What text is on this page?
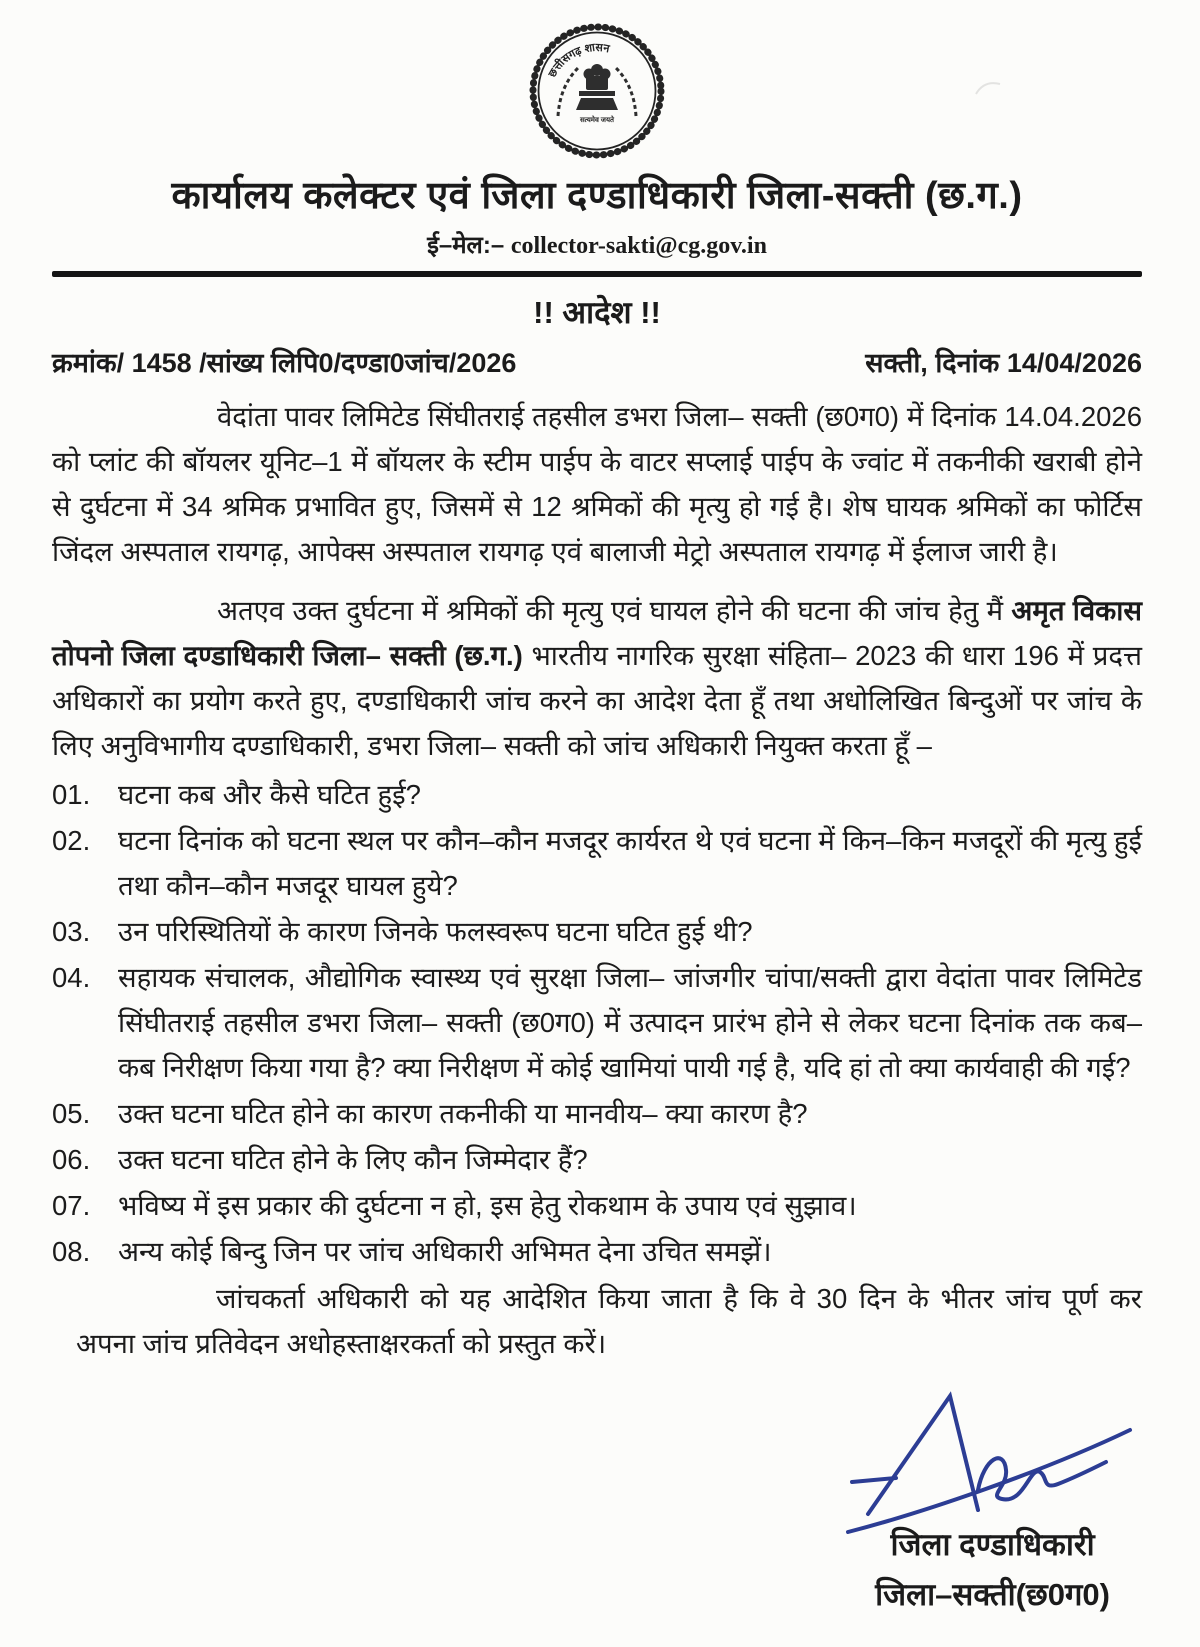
छत्तीसगढ़ शासन
सत्यमेव जयते
कार्यालय कलेक्टर एवं जिला दण्डाधिकारी जिला-सक्ती (छ.ग.)
ई–मेल:– collector-sakti@cg.gov.in
!! आदेश !!
क्रमांक/ 1458 /सांख्य लिपि0/दण्डा0जांच/2026	सक्ती, दिनांक 14/04/2026
वेदांता पावर लिमिटेड सिंघीतराई तहसील डभरा जिला– सक्ती (छ0ग0) में दिनांक 14.04.2026 को प्लांट की बॉयलर यूनिट–1 में बॉयलर के स्टीम पाईप के वाटर सप्लाई पाईप के ज्वांट में तकनीकी खराबी होने से दुर्घटना में 34 श्रमिक प्रभावित हुए, जिसमें से 12 श्रमिकों की मृत्यु हो गई है। शेष घायक श्रमिकों का फोर्टिस जिंदल अस्पताल रायगढ़, आपेक्स अस्पताल रायगढ़ एवं बालाजी मेट्रो अस्पताल रायगढ़ में ईलाज जारी है।
अतएव उक्त दुर्घटना में श्रमिकों की मृत्यु एवं घायल होने की घटना की जांच हेतु मैं अमृत विकास तोपनो जिला दण्डाधिकारी जिला– सक्ती (छ.ग.) भारतीय नागरिक सुरक्षा संहिता– 2023 की धारा 196 में प्रदत्त अधिकारों का प्रयोग करते हुए, दण्डाधिकारी जांच करने का आदेश देता हूँ तथा अधोलिखित बिन्दुओं पर जांच के लिए अनुविभागीय दण्डाधिकारी, डभरा जिला– सक्ती को जांच अधिकारी नियुक्त करता हूँ –
01.	घटना कब और कैसे घटित हुई?
02.	घटना दिनांक को घटना स्थल पर कौन–कौन मजदूर कार्यरत थे एवं घटना में किन–किन मजदूरों की मृत्यु हुई तथा कौन–कौन मजदूर घायल हुये?
03.	उन परिस्थितियों के कारण जिनके फलस्वरूप घटना घटित हुई थी?
04.	सहायक संचालक, औद्योगिक स्वास्थ्य एवं सुरक्षा जिला– जांजगीर चांपा/सक्ती द्वारा वेदांता पावर लिमिटेड सिंघीतराई तहसील डभरा जिला– सक्ती (छ0ग0) में उत्पादन प्रारंभ होने से लेकर घटना दिनांक तक कब–कब निरीक्षण किया गया है? क्या निरीक्षण में कोई खामियां पायी गई है, यदि हां तो क्या कार्यवाही की गई?
05.	उक्त घटना घटित होने का कारण तकनीकी या मानवीय– क्या कारण है?
06.	उक्त घटना घटित होने के लिए कौन जिम्मेदार हैं?
07.	भविष्य में इस प्रकार की दुर्घटना न हो, इस हेतु रोकथाम के उपाय एवं सुझाव।
08.	अन्य कोई बिन्दु जिन पर जांच अधिकारी अभिमत देना उचित समझें।
जांचकर्ता अधिकारी को यह आदेशित किया जाता है कि वे 30 दिन के भीतर जांच पूर्ण कर अपना जांच प्रतिवेदन अधोहस्ताक्षरकर्ता को प्रस्तुत करें।
जिला दण्डाधिकारी
जिला–सक्ती(छ0ग0)
